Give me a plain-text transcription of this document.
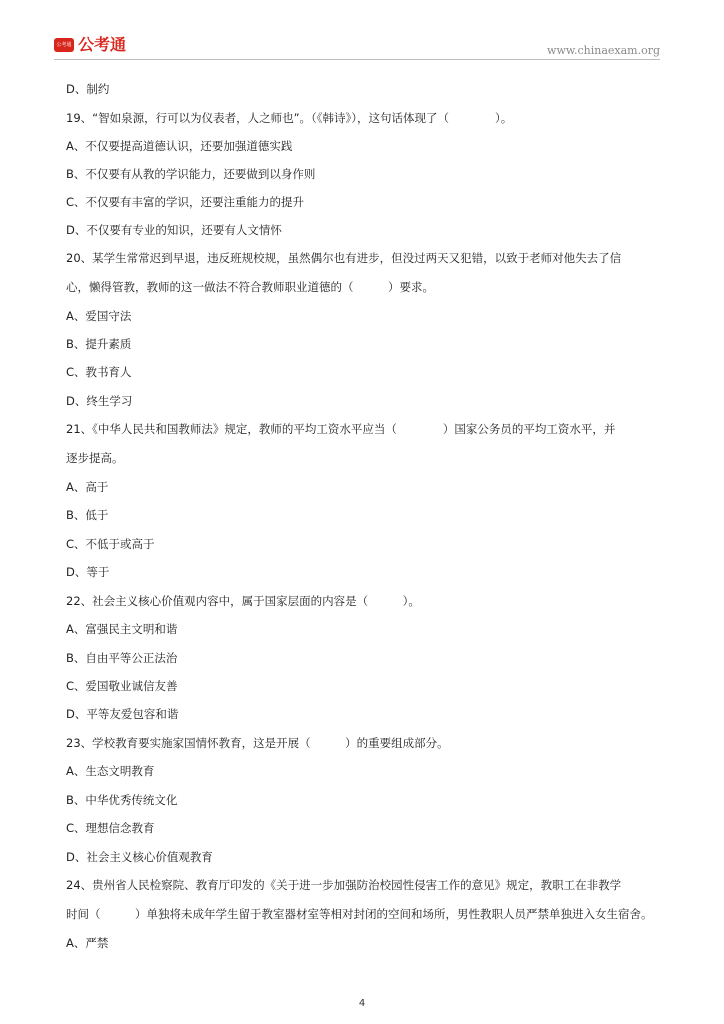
公考通 公考通	www.chinaexam.org
D、制约
19、“智如泉源，行可以为仪表者，人之师也”。（《韩诗》），这句话体现了（　　　　）。
A、不仅要提高道德认识，还要加强道德实践
B、不仅要有从教的学识能力，还要做到以身作则
C、不仅要有丰富的学识，还要注重能力的提升
D、不仅要有专业的知识，还要有人文情怀
20、某学生常常迟到早退，违反班规校规，虽然偶尔也有进步，但没过两天又犯错，以致于老师对他失去了信
心，懒得管教，教师的这一做法不符合教师职业道德的（　　　）要求。
A、爱国守法
B、提升素质
C、教书育人
D、终生学习
21、《中华人民共和国教师法》规定，教师的平均工资水平应当（　　　　）国家公务员的平均工资水平，并
逐步提高。
A、高于
B、低于
C、不低于或高于
D、等于
22、社会主义核心价值观内容中，属于国家层面的内容是（　　　）。
A、富强民主文明和谐
B、自由平等公正法治
C、爱国敬业诚信友善
D、平等友爱包容和谐
23、学校教育要实施家国情怀教育，这是开展（　　　）的重要组成部分。
A、生态文明教育
B、中华优秀传统文化
C、理想信念教育
D、社会主义核心价值观教育
24、贵州省人民检察院、教育厅印发的《关于进一步加强防治校园性侵害工作的意见》规定，教职工在非教学
时间（　　　）单独将未成年学生留于教室器材室等相对封闭的空间和场所，男性教职人员严禁单独进入女生宿舍。
A、严禁
4
